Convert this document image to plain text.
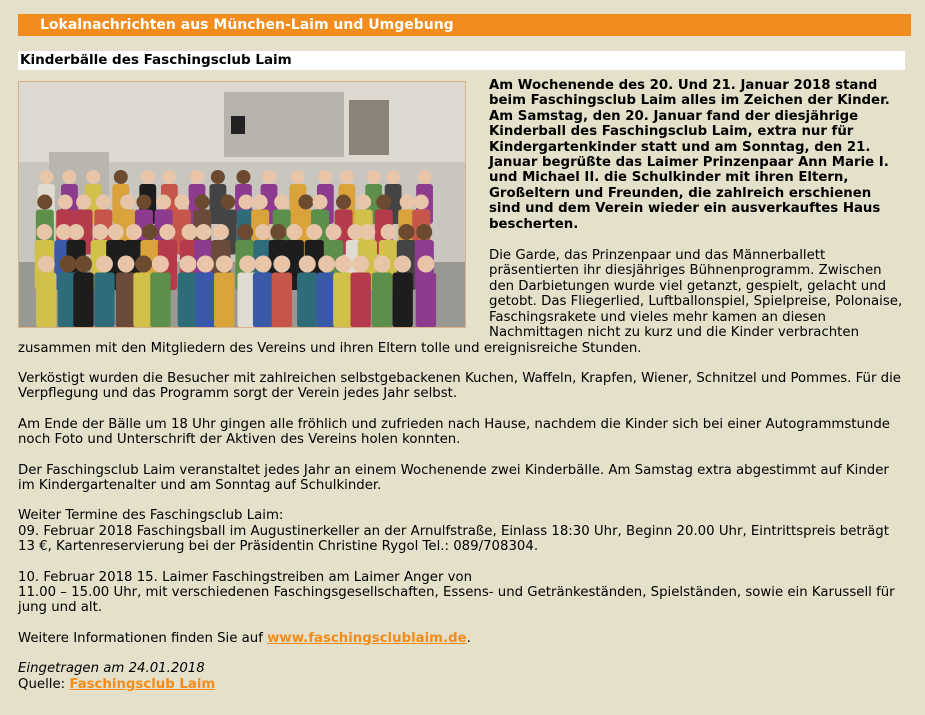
Lokalnachrichten aus München-Laim und Umgebung
Kinderbälle des Faschingsclub Laim
Am Wochenende des 20. Und 21. Januar 2018 stand beim Faschingsclub Laim alles im Zeichen der Kinder. Am Samstag, den 20. Januar fand der diesjährige Kinderball des Faschingsclub Laim, extra nur für Kindergartenkinder statt und am Sonntag, den 21. Januar begrüßte das Laimer Prinzenpaar Ann Marie I. und Michael II. die Schulkinder mit ihren Eltern, Großeltern und Freunden, die zahlreich erschienen sind und dem Verein wieder ein ausverkauftes Haus bescherten.

Die Garde, das Prinzenpaar und das Männerballett präsentierten ihr diesjähriges Bühnenprogramm. Zwischen den Darbietungen wurde viel getanzt, gespielt, gelacht und getobt. Das Fliegerlied, Luftballonspiel, Spielpreise, Polonaise, Faschingsrakete und vieles mehr kamen an diesen Nachmittagen nicht zu kurz und die Kinder verbrachten zusammen mit den Mitgliedern des Vereins und ihren Eltern tolle und ereignisreiche Stunden.

Verköstigt wurden die Besucher mit zahlreichen selbstgebackenen Kuchen, Waffeln, Krapfen, Wiener, Schnitzel und Pommes. Für die Verpflegung und das Programm sorgt der Verein jedes Jahr selbst.

Am Ende der Bälle um 18 Uhr gingen alle fröhlich und zufrieden nach Hause, nachdem die Kinder sich bei einer Autogrammstunde noch Foto und Unterschrift der Aktiven des Vereins holen konnten.

Der Faschingsclub Laim veranstaltet jedes Jahr an einem Wochenende zwei Kinderbälle. Am Samstag extra abgestimmt auf Kinder im Kindergartenalter und am Sonntag auf Schulkinder.

Weiter Termine des Faschingsclub Laim:

09. Februar 2018 Faschingsball im Augustinerkeller an der Arnulfstraße, Einlass 18:30 Uhr, Beginn 20.00 Uhr, Eintrittspreis beträgt 13 €, Kartenreservierung bei der Präsidentin Christine Rygol Tel.: 089/708304.

10. Februar 2018 15. Laimer Faschingstreiben am Laimer Anger von
11.00 – 15.00 Uhr, mit verschiedenen Faschingsgesellschaften, Essens- und Getränkeständen, Spielständen, sowie ein Karussell für jung und alt.

Weitere Informationen finden Sie auf www.faschingsclublaim.de.

Eingetragen am 24.01.2018
Quelle: Faschingsclub Laim
